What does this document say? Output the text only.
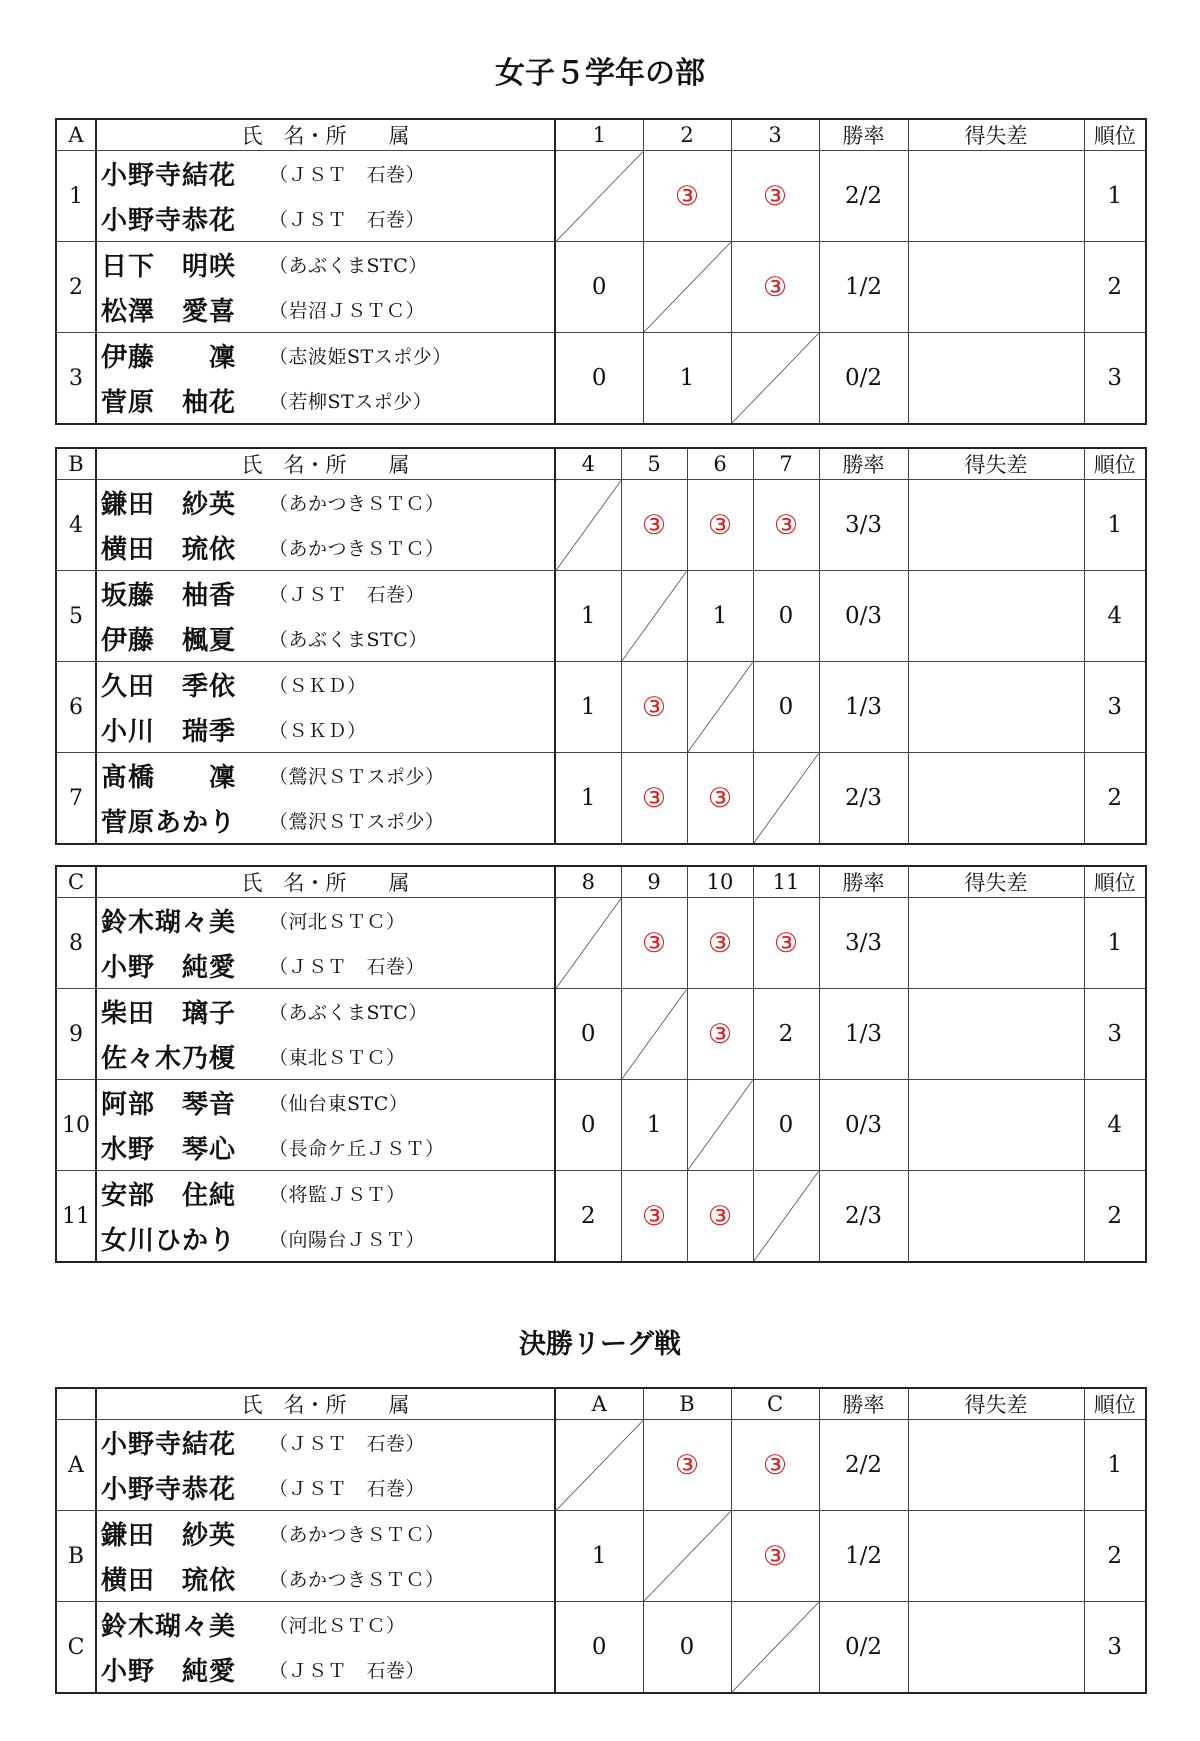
女子５学年の部
A	氏　名・所　　属	1	2	3	勝率	得失差	順位
1	小野寺結花 （ＪＳＴ　石巻）
小野寺恭花 （ＪＳＴ　石巻）		③	③	2/2		1
2	日下　明咲 （あぶくまSTC）
松澤　愛喜 （岩沼ＪＳＴＣ）	0		③	1/2		2
3	伊藤　　凜 （志波姫STスポ少）
菅原　柚花 （若柳STスポ少）	0	1		0/2		3
B	氏　名・所　　属	4	5	6	7	勝率	得失差	順位
4	鎌田　紗英 （あかつきＳＴＣ）
横田　琉依 （あかつきＳＴＣ）		③	③	③	3/3		1
5	坂藤　柚香 （ＪＳＴ　石巻）
伊藤　楓夏 （あぶくまSTC）	1		1	0	0/3		4
6	久田　季依 （ＳＫＤ）
小川　瑞季 （ＳＫＤ）	1	③		0	1/3		3
7	髙橋　　凜 （鶯沢ＳＴスポ少）
菅原あかり （鶯沢ＳＴスポ少）	1	③	③		2/3		2
C	氏　名・所　　属	8	9	10	11	勝率	得失差	順位
8	鈴木瑚々美 （河北ＳＴＣ）
小野　純愛 （ＪＳＴ　石巻）		③	③	③	3/3		1
9	柴田　璃子 （あぶくまSTC）
佐々木乃榎 （東北ＳＴＣ）	0		③	2	1/3		3
10	阿部　琴音 （仙台東STC）
水野　琴心 （長命ケ丘ＪＳＴ）	0	1		0	0/3		4
11	安部　住純 （将監ＪＳＴ）
女川ひかり （向陽台ＪＳＴ）	2	③	③		2/3		2
決勝リーグ戦
	氏　名・所　　属	A	B	C	勝率	得失差	順位
A	小野寺結花 （ＪＳＴ　石巻）
小野寺恭花 （ＪＳＴ　石巻）		③	③	2/2		1
B	鎌田　紗英 （あかつきＳＴＣ）
横田　琉依 （あかつきＳＴＣ）	1		③	1/2		2
C	鈴木瑚々美 （河北ＳＴＣ）
小野　純愛 （ＪＳＴ　石巻）	0	0		0/2		3
